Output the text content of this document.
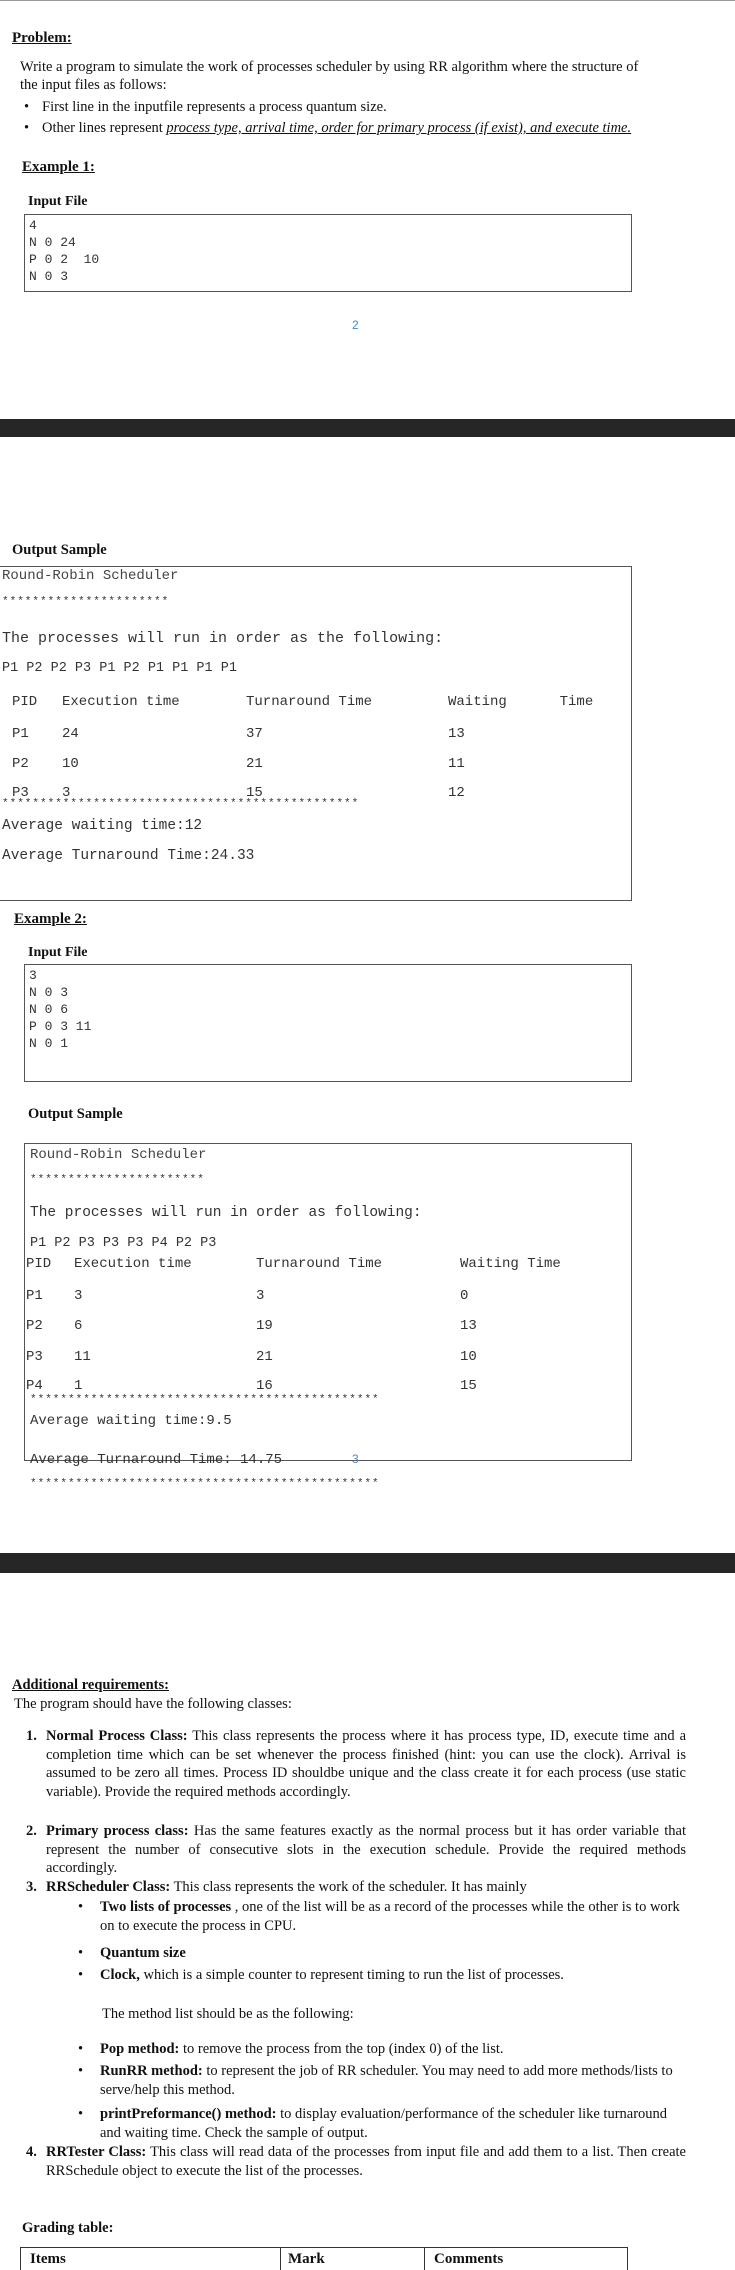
Problem:
Write a program to simulate the work of processes scheduler by using RR algorithm where the structure of the input files as follows:
• First line in the inputfile represents a process quantum size.
• Other lines represent process type, arrival time, order for primary process (if exist), and execute time.
Example 1:
Input File
4
N 0 24
P 0 2  10
N 0 3
2
Output Sample
Round-Robin Scheduler
**********************
The processes will run in order as the following:
P1 P2 P2 P3 P1 P2 P1 P1 P1 P1
PID Execution time	Turnaround Time	Waiting  Time
P1 24	37	13
P2 10	21	11
P3 3	15	12
***********************************************
Average waiting time:12
Average Turnaround Time:24.33
Example 2:
Input File
3
N 0 3
N 0 6
P 0 3 11
N 0 1
Output Sample
Round-Robin Scheduler
***********************
The processes will run in order as following:
P1 P2 P3 P3 P3 P4 P2 P3
PID Execution time	Turnaround Time	Waiting Time
P1 3	3	0
P2 6	19	13
P3 11	21	10
P4 1	16	15
**********************************************
Average waiting time:9.5
Average Turnaround Time: 14.75	3
**********************************************
Additional requirements:
The program should have the following classes:
1. Normal Process Class: This class represents the process where it has process type, ID, execute time and a completion time which can be set whenever the process finished (hint: you can use the clock). Arrival is assumed to be zero all times. Process ID shouldbe unique and the class create it for each process (use static variable). Provide the required methods accordingly.
2. Primary process class: Has the same features exactly as the normal process but it has order variable that represent the number of consecutive slots in the execution schedule. Provide the required methods accordingly.
3. RRScheduler Class: This class represents the work of the scheduler. It has mainly
• Two lists of processes , one of the list will be as a record of the processes while the other is to work on to execute the process in CPU.
• Quantum size
• Clock, which is a simple counter to represent timing to run the list of processes.
The method list should be as the following:
• Pop method: to remove the process from the top (index 0) of the list.
• RunRR method: to represent the job of RR scheduler. You may need to add more methods/lists to serve/help this method.
• printPreformance() method: to display evaluation/performance of the scheduler like turnaround and waiting time. Check the sample of output.
4. RRTester Class: This class will read data of the processes from input file and add them to a list. Then create RRSchedule object to execute the list of the processes.
Grading table:
Items	Mark	Comments
